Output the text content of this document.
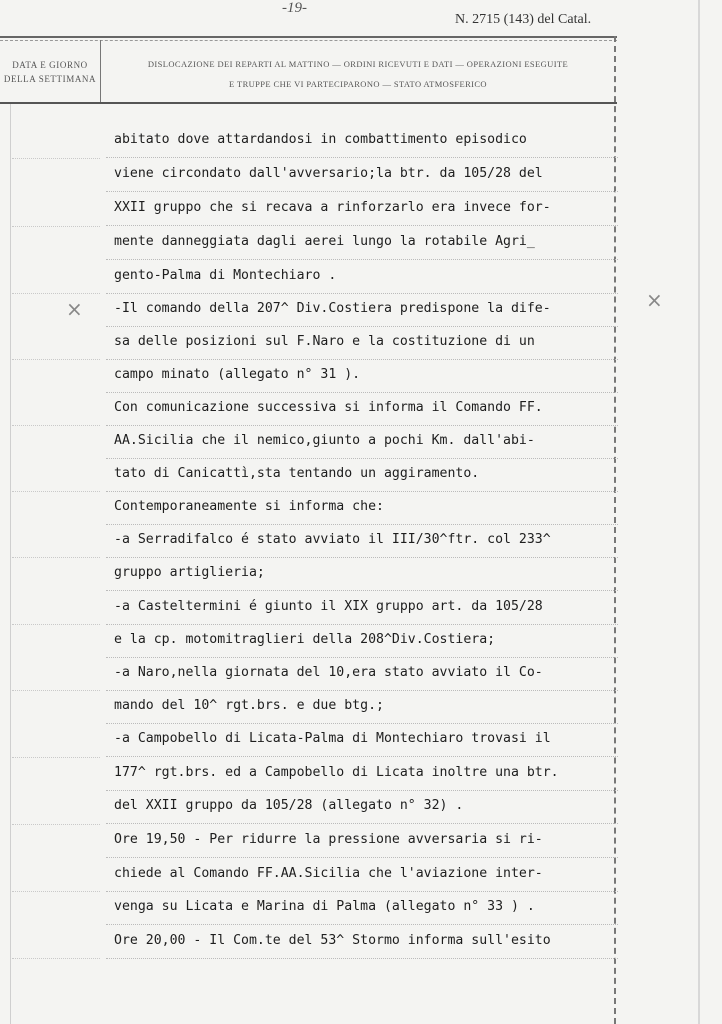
-19-
N. 2715 (143) del Catal.
DATA E GIORNO
DELLA SETTIMANA
DISLOCAZIONE DEI REPARTI AL MATTINO — ORDINI RICEVUTI E DATI — OPERAZIONI ESEGUITE
E TRUPPE CHE VI PARTECIPARONO — STATO ATMOSFERICO
×	×
abitato dove attardandosi in combattimento episodico
viene circondato dall'avversario;la btr. da 105/28 del
XXII gruppo che si recava a rinforzarlo era invece for-
mente danneggiata dagli aerei lungo la rotabile Agri_
gento-Palma di Montechiaro .
-Il comando della 207^ Div.Costiera predispone la dife-
sa delle posizioni sul F.Naro e la costituzione di un
campo minato (allegato n° 31 ).
Con comunicazione successiva si informa il Comando FF.
AA.Sicilia che il nemico,giunto a pochi Km. dall'abi-
tato di Canicattì,sta tentando un aggiramento.
Contemporaneamente si informa che:
-a Serradifalco é stato avviato il III/30^ftr. col 233^
gruppo artiglieria;
-a Casteltermini é giunto il XIX gruppo art. da 105/28
e la cp. motomitraglieri della 208^Div.Costiera;
-a Naro,nella giornata del 10,era stato avviato il Co-
mando del 10^ rgt.brs. e due btg.;
-a Campobello di Licata-Palma di Montechiaro trovasi il
177^ rgt.brs. ed a Campobello di Licata inoltre una btr.
del XXII gruppo da 105/28 (allegato n° 32) .
Ore 19,50 - Per ridurre la pressione avversaria si ri-
chiede al Comando FF.AA.Sicilia che l'aviazione inter-
venga su Licata e Marina di Palma (allegato n° 33 ) .
Ore 20,00 - Il Com.te del 53^ Stormo informa sull'esito
